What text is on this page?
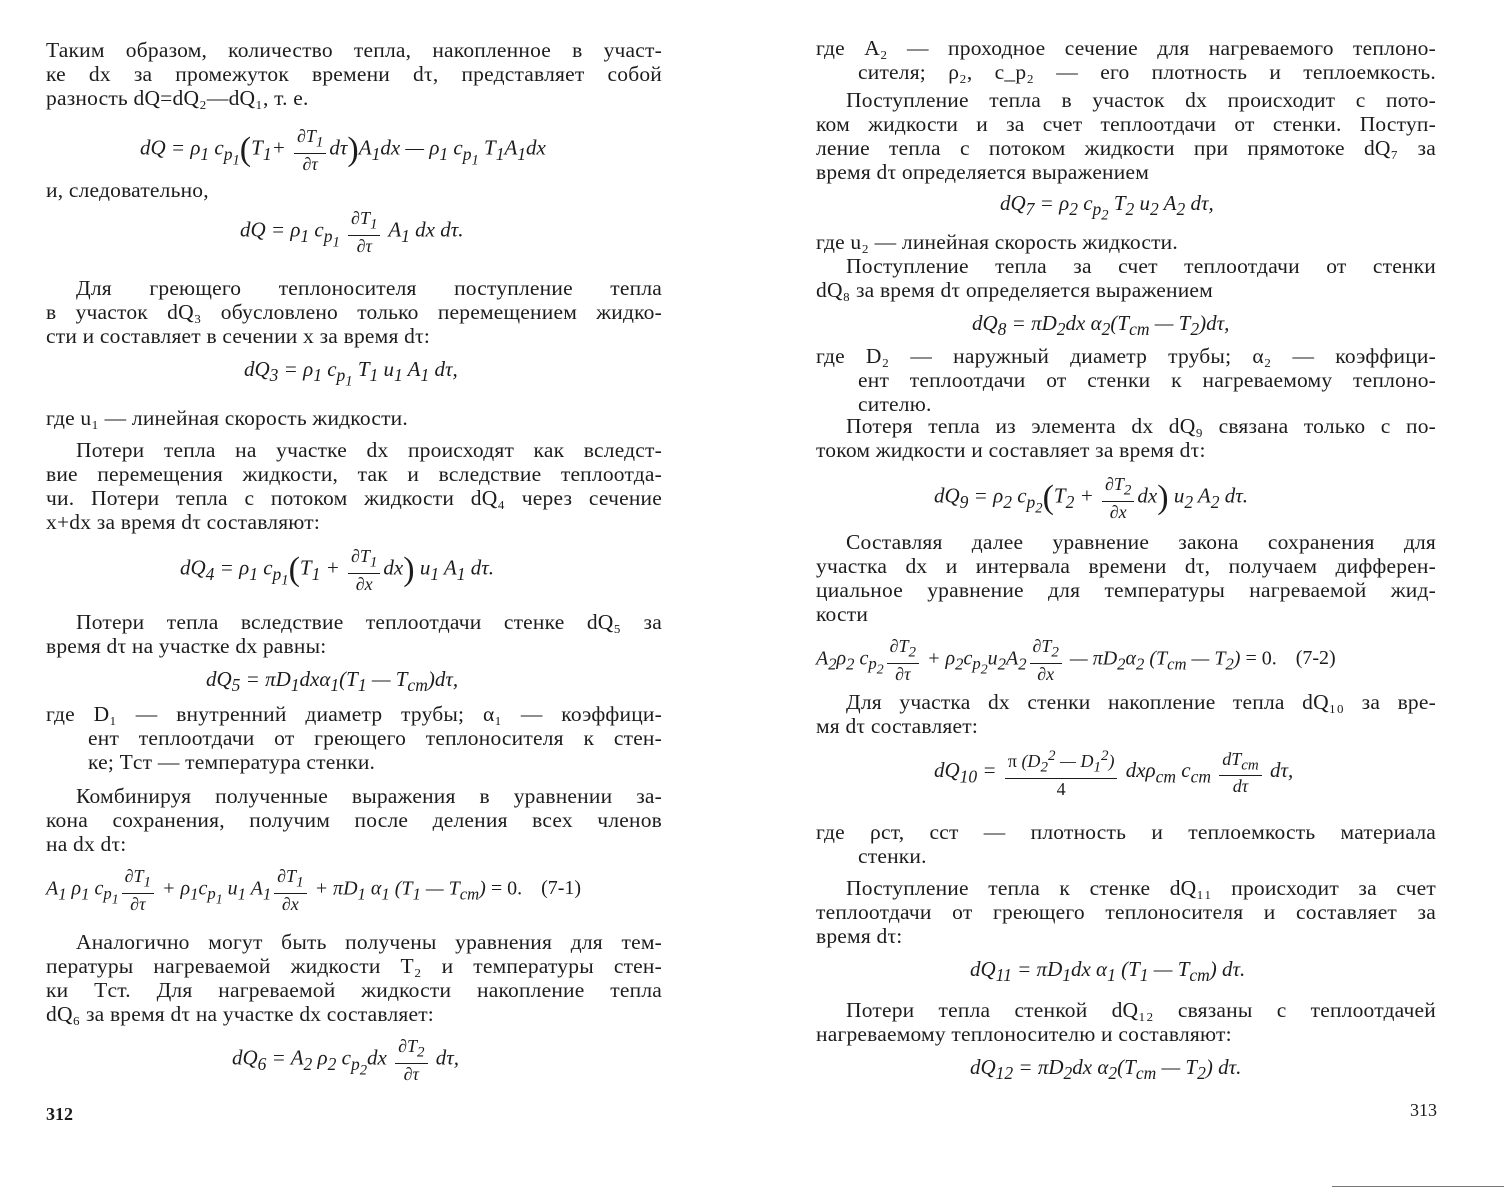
Таким образом, количество тепла, накопленное в участ-
ке dx за промежуток времени dτ, представляет собой
разность dQ=dQ₂—dQ₁, т. е.
dQ = $\rho_1$ $c_{p_1}(T_1+ \frac{\partial T_1}{\partial\tau} d\tau)A_1dx$ — $\rho_1$ $c_{p_1}$ $T_1A_1dx$
и, следовательно,
dQ = $\rho_1$ $c_{p_1} \frac{\partial T_1}{\partial\tau} A_1$ dx dτ.
Для греющего теплоносителя поступление тепла
в участок dQ₃ обусловлено только перемещением жидко-
сти и составляет в сечении x за время dτ:
$dQ_3 = \rho_1$ $c_{p_1}$ $T_1$ $u_1$ $A_1$ dτ,
где u₁ — линейная скорость жидкости.
Потери тепла на участке dx происходят как вследст-
вие перемещения жидкости, так и вследствие теплоотда-
чи. Потери тепла с потоком жидкости dQ₄ через сечение
x+dx за время dτ составляют:
$dQ_4 = \rho_1$ $c_{p_1}(T_1 + \frac{\partial T_1}{\partial x} dx)$ $u_1$ $A_1$ dτ.
Потери тепла вследствие теплоотдачи стенке dQ₅ за
время dτ на участке dx равны:
$dQ_5 = \pi D_1dx\alpha_1(T_1$ — $T_{ст})d\tau$,
где D₁ — внутренний диаметр трубы; α₁ — коэффици-
ент теплоотдачи от греющего теплоносителя к стен-
ке; Tст — температура стенки.
Комбинируя полученные выражения в уравнении за-
кона сохранения, получим после деления всех членов
на dx dτ:
$A_1$ $\rho_1$ $c_{p_1} \frac{\partial T_1}{\partial\tau} + \rho_1c_{p_1}$ $u_1$ $A_1 \frac{\partial T_1}{\partial x} + \pi D_1$ $\alpha_1$ ($T_1$ — $T_{ст}) = 0$. (7-1)
Аналогично могут быть получены уравнения для тем-
пературы нагреваемой жидкости T₂ и температуры стен-
ки Tст. Для нагреваемой жидкости накопление тепла
dQ₆ за время dτ на участке dx составляет:
$dQ_6 = A_2$ $\rho_2$ $c_{p_2}dx \frac{\partial T_2}{\partial\tau} d\tau$,
312
где A₂ — проходное сечение для нагреваемого теплоно-
сителя; ρ₂, c_p₂ — его плотность и теплоемкость.
Поступление тепла в участок dx происходит с пото-
ком жидкости и за счет теплоотдачи от стенки. Поступ-
ление тепла с потоком жидкости при прямотоке dQ₇ за
время dτ определяется выражением
$dQ_7 = \rho_2$ $c_{p_2}$ $T_2$ $u_2$ $A_2$ dτ,
где u₂ — линейная скорость жидкости.
Поступление тепла за счет теплоотдачи от стенки
dQ₈ за время dτ определяется выражением
$dQ_8 = \pi D_2dx$ $\alpha_2(T_{ст}$ — $T_2)d\tau$,
где D₂ — наружный диаметр трубы; α₂ — коэффици-
ент теплоотдачи от стенки к нагреваемому теплоно-
сителю.
Потеря тепла из элемента dx dQ₉ связана только с по-
током жидкости и составляет за время dτ:
$dQ_9 = \rho_2$ $c_{p_2}(T_2 + \frac{\partial T_2}{\partial x} dx)$ $u_2$ $A_2$ dτ.
Составляя далее уравнение закона сохранения для
участка dx и интервала времени dτ, получаем дифферен-
циальное уравнение для температуры нагреваемой жид-
кости
$A_2\rho_2$ $c_{p_2} \frac{\partial T_2}{\partial\tau} + \rho_2c_{p_2}u_2A_2 \frac{\partial T_2}{\partial x}$ — $\pi D_2\alpha_2$ ($T_{ст}$ — $T_2) = 0$. (7-2)
Для участка dx стенки накопление тепла dQ₁₀ за вре-
мя dτ составляет:
$dQ_{10} = \frac{\pi (D_2^2 — D_1^2)}{4} dx\rho_{ст}$ $c_{ст} \frac{dT_{ст}}{d\tau} d\tau$,
где ρст, cст — плотность и теплоемкость материала
стенки.
Поступление тепла к стенке dQ₁₁ происходит за счет
теплоотдачи от греющего теплоносителя и составляет за
время dτ:
$dQ_{11} = \pi D_1dx$ $\alpha_1$ ($T_1$ — $T_{ст}$) dτ.
Потери тепла стенкой dQ₁₂ связаны с теплоотдачей
нагреваемому теплоносителю и составляют:
$dQ_{12} = \pi D_2dx$ $\alpha_2(T_{ст}$ — $T_2$) dτ.
313
